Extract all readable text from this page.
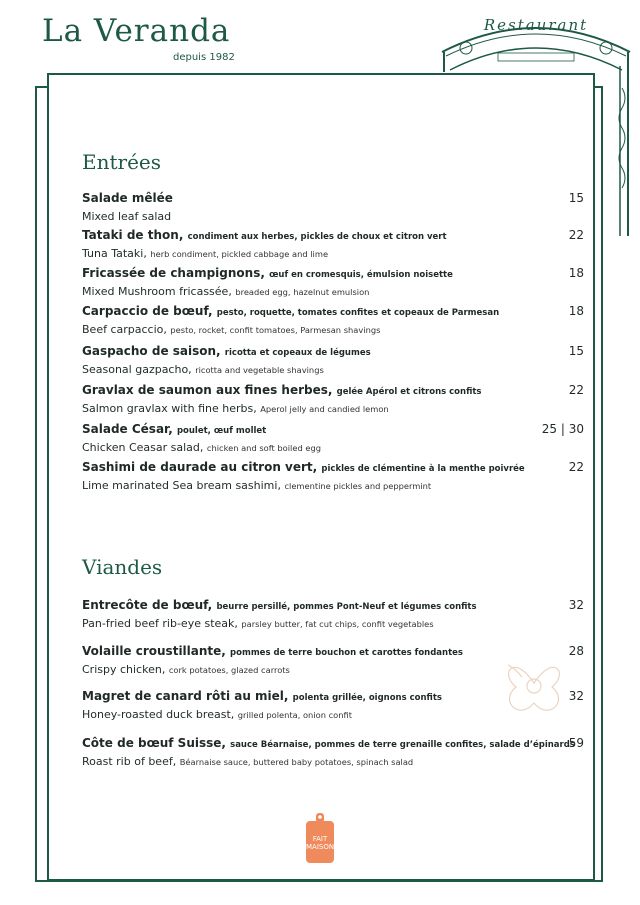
La Veranda
depuis 1982
Restaurant
Entrées
Salade mêlée
Mixed leaf salad
15
Tataki de thon, condiment aux herbes, pickles de choux et citron vert
Tuna Tataki, herb condiment, pickled cabbage and lime
22
Fricassée de champignons, œuf en cromesquis, émulsion noisette
Mixed Mushroom fricassée, breaded egg, hazelnut emulsion
18
Carpaccio de bœuf, pesto, roquette, tomates confites et copeaux de Parmesan
Beef carpaccio, pesto, rocket, confit tomatoes, Parmesan shavings
18
Gaspacho de saison, ricotta et copeaux de légumes
Seasonal gazpacho, ricotta and vegetable shavings
15
Gravlax de saumon aux fines herbes, gelée Apérol et citrons confits
Salmon gravlax with fine herbs, Aperol jelly and candied lemon
22
Salade César, poulet, œuf mollet
Chicken Ceasar salad, chicken and soft boiled egg
25 | 30
Sashimi de daurade au citron vert, pickles de clémentine à la menthe poivrée
Lime marinated Sea bream sashimi, clementine pickles and peppermint
22
Viandes
Entrecôte de bœuf, beurre persillé, pommes Pont-Neuf et légumes confits
Pan-fried beef rib-eye steak, parsley butter, fat cut chips, confit vegetables
32
Volaille croustillante, pommes de terre bouchon et carottes fondantes
Crispy chicken, cork potatoes, glazed carrots
28
Magret de canard rôti au miel, polenta grillée, oignons confits
Honey-roasted duck breast, grilled polenta, onion confit
32
Côte de bœuf Suisse, sauce Béarnaise, pommes de terre grenaille confites, salade d’épinards
Roast rib of beef, Béarnaise sauce, buttered baby potatoes, spinach salad
59
FAIT
MAISON
